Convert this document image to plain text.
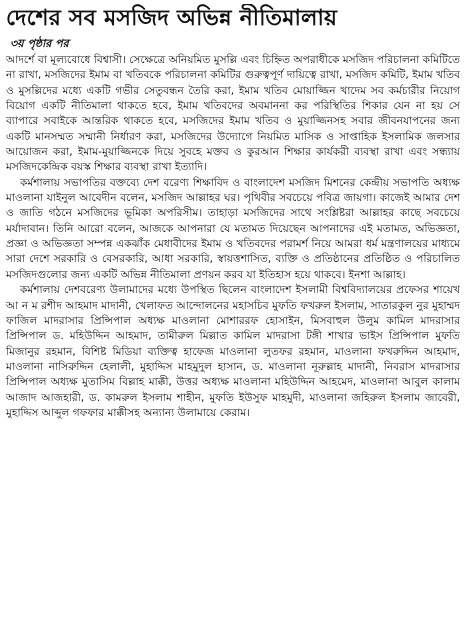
দেশের সব মসজিদ অভিন্ন নীতিমালায়
৩য় পৃষ্ঠার পর

আদর্শে বা মূল্যবোধে বিশ্বাসী। সেক্ষেত্রে অনিয়মিত মুসল্লি এবং চিহ্নিত অপরাধীকে মসজিদ পরিচালনা কমিটিতে না রাখা, মসজিদের ইমাম বা খতিবকে পরিচালনা কমিটির গুরুত্বপূর্ণ দায়িত্বে রাখা, মসজিদ কমিটি, ইমাম খতিব ও মুসল্লিদের মধ্যে একটি গভীর সেতুবন্ধন তৈরি করা, ইমাম খতিব মোয়াজ্জিন খাদেম সব কর্মচারীর নিয়োগ বিয়োগ একটি নীতিমালা থাকতে হবে, ইমাম খতিবদের অবমাননা কর পরিস্থিতির শিকার যেন না হয় সে ব্যাপারে সবাইকে আন্তরিক থাকতে হবে, মসজিদের ইমাম খতিব ও মুয়াজ্জিনসহ সবার জীবনযাপনের জন্য একটি মানসম্মত সম্মানী নির্ধারণ করা, মসজিদের উদ্যোগে নিয়মিত মাসিক ও সাপ্তাহিক ইসলামিক জলসার আয়োজন করা, ইমাম-মুয়াজ্জিনকে দিয়ে সুবহে মক্তব ও কুরআন শিক্ষার কার্যকরী ব্যবস্থা রাখা এবং সন্ধ্যায় মসজিদকেন্দ্রিক বয়স্ক শিক্ষার ব্যবস্থা রাখা ইত্যাদি।

কর্মশালায় সভাপতির বক্তব্যে দেশ বরেণ্য শিক্ষাবিদ ও বাংলাদেশ মসজিদ মিশনের কেন্দ্রীয় সভাপতি অধ্যক্ষ মাওলানা যাইনুল আবেদীন বলেন, মসজিদ আল্লাহর ঘর। পৃথিবীর সবচেয়ে পবিত্র জায়গা। কাজেই আমার দেশ ও জাতি গঠনে মসজিদের ভূমিকা অপরিসীম। তাহাড়া মসজিদের সাথে সংশ্লিষ্টরা আল্লাহর কাছে সবচেয়ে মর্যাদাবান। তিনি আরো বলেন, আজকে আপনারা যে মতামত দিয়েছেন আপনাদের এই মতামত, অভিজ্ঞতা, প্রজ্ঞা ও অভিজ্ঞতা সম্পন্ন একঝাঁক মেধাবীদের ইমাম ও খতিবদের পরামর্শ নিয়ে আমরা ধর্ম মন্ত্রণালয়ের মাধ্যমে সারা দেশে সরকারি ও বেসরকারি, আধা সরকারি, স্বায়ত্তশাসিত, ব্যক্তি ও প্রতিষ্ঠানের প্রতিষ্ঠিত ও পরিচালিত মসজিদগুলোর জন্য একটি অভিন্ন নীতিমালা প্রণয়ন করব যা ইতিহাস হয়ে থাকবে। ইনশা আল্লাহ।

কর্মশালায় দেশবরেণ্য উলামাদের মধ্যে উপস্থিত ছিলেন বাংলাদেশ ইসলামী বিশ্ববিদ্যালয়ের প্রফেসর শায়েখ আ ন ম রশীদ আহমাদ মাদানী, খেলাফত আন্দোলনের মহাসচিব মুফতি ফখরুল ইসলাম, সাতারকুল নুর মুহাম্মদ ফাজিল মাদরাসার প্রিন্সিপাল অধ্যক্ষ মাওলানা মোশাররফ হোসাইন, মিসবাহুল উলুম কামিল মাদরাসার প্রিন্সিপাল ড. মহিউদ্দিন আহমাদ, তামীরুল মিল্লাত কামিল মাদরাসা টঙ্গী শাখার ভাইস প্রিন্সিপাল মুফতি মিজানুর রহমান, বিশিষ্ট মিডিয়া ব্যক্তিত্ব হাফেজ মাওলানা লুতফর রহমান, মাওলানা ফখরুদ্দিন আহমাদ, মাওলানা নাসিরুদ্দিন হেলালী, মুহাদ্দিস মাহমুদুল হাসান, ড. মাওলানা নূরুল্লাহ মাদানী, নিবরাস মাদরাসার প্রিন্সিপাল অধ্যক্ষ মুতাসিম বিল্লাহ মাক্কী, উত্তর অধ্যক্ষ মাওলানা মহিউদ্দিন আহমেদ, মাওলানা আবুল কালাম আজাদ আজহারী, ড. কামরুল ইসলাম শাহীন, মুফতি ইউসুফ মাহমুদী, মাওলানা জহিরুল ইসলাম জাবেরী, মুহাদ্দিস আব্দুল গফফার মাক্কীসহ অন্যান্য উলামায়ে কেরাম।
